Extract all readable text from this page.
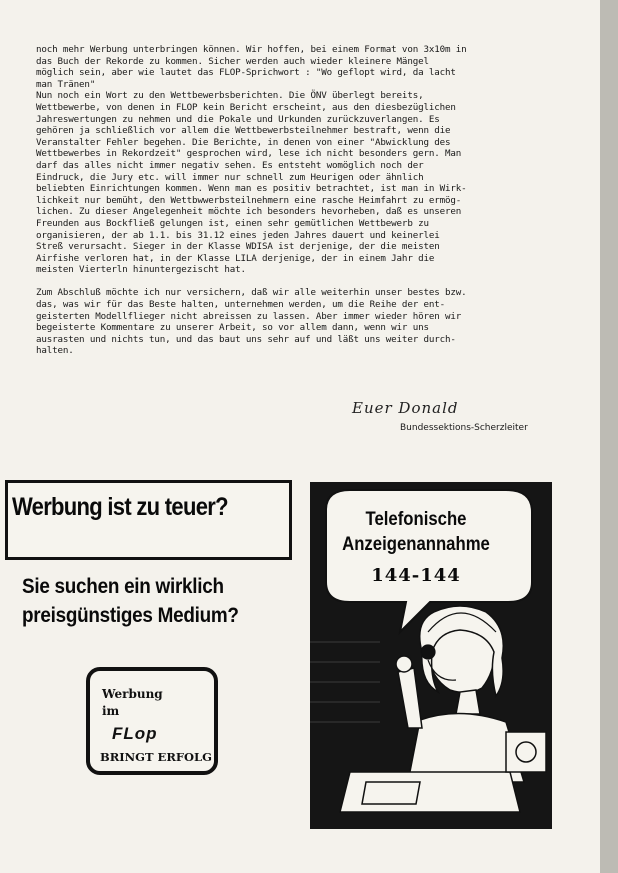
noch mehr Werbung unterbringen können. Wir hoffen, bei einem Format von 3x10m in
das Buch der Rekorde zu kommen. Sicher werden auch wieder kleinere Mängel
möglich sein, aber wie lautet das FLOP-Sprichwort : "Wo geflopt wird, da lacht
man Tränen"
Nun noch ein Wort zu den Wettbewerbsberichten. Die ÖNV überlegt bereits,
Wettbewerbe, von denen in FLOP kein Bericht erscheint, aus den diesbezüglichen
Jahreswertungen zu nehmen und die Pokale und Urkunden zurückzuverlangen. Es
gehören ja schließlich vor allem die Wettbewerbsteilnehmer bestraft, wenn die
Veranstalter Fehler begehen. Die Berichte, in denen von einer "Abwicklung des
Wettbewerbes in Rekordzeit" gesprochen wird, lese ich nicht besonders gern. Man
darf das alles nicht immer negativ sehen. Es entsteht womöglich noch der
Eindruck, die Jury etc. will immer nur schnell zum Heurigen oder ähnlich
beliebten Einrichtungen kommen. Wenn man es positiv betrachtet, ist man in Wirk-
lichkeit nur bemüht, den Wettbwwerbsteilnehmern eine rasche Heimfahrt zu ermög-
lichen. Zu dieser Angelegenheit möchte ich besonders hevorheben, daß es unseren
Freunden aus Bockfließ gelungen ist, einen sehr gemütlichen Wettbewerb zu
organisieren, der ab 1.1. bis 31.12 eines jeden Jahres dauert und keinerlei
Streß verursacht. Sieger in der Klasse WDISA ist derjenige, der die meisten
Airfishe verloren hat, in der Klasse LILA derjenige, der in einem Jahr die
meisten Vierterln hinuntergezischt hat.

Zum Abschluß möchte ich nur versichern, daß wir alle weiterhin unser bestes bzw.
das, was wir für das Beste halten, unternehmen werden, um die Reihe der ent-
geisterten Modellflieger nicht abreissen zu lassen. Aber immer wieder hören wir
begeisterte Kommentare zu unserer Arbeit, so vor allem dann, wenn wir uns
ausrasten und nichts tun, und das baut uns sehr auf und läßt uns weiter durch-
halten.

Euer Donald
Bundessektions-Scherzleiter
Werbung ist zu teuer?
Sie suchen ein wirklich
preisgünstiges Medium?
Werbung
im
FLop
BRINGT ERFOLG
Telefonische
Anzeigenannahme
144-144
